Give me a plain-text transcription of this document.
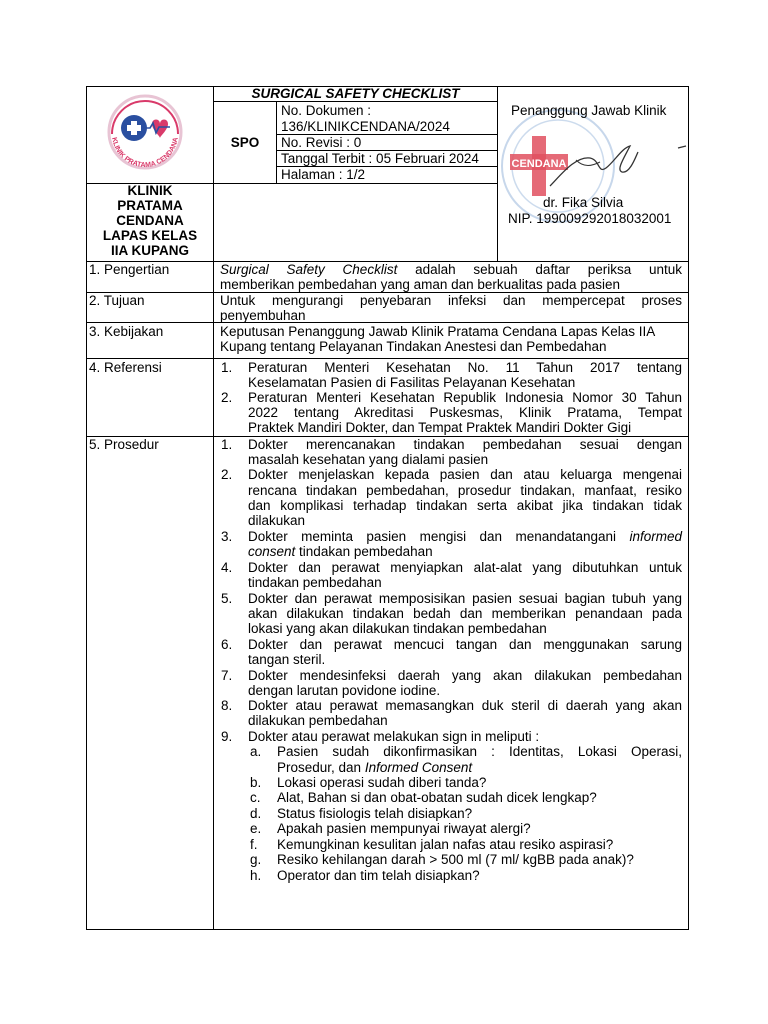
KLINIK PRATAMA CENDANA
KLINIK
PRATAMA
CENDANA
LAPAS KELAS
IIA KUPANG
SURGICAL SAFETY CHECKLIST
SPO
No. Dokumen :
136/KLINIKCENDANA/2024
No. Revisi : 0
Tanggal Terbit : 05 Februari 2024
Halaman : 1/2
CENDANA
Penanggung Jawab Klinik
dr. Fika Silvia
NIP. 199009292018032001
1. Pengertian	Surgical Safety Checklist adalah sebuah daftar periksa untuk
memberikan pembedahan yang aman dan berkualitas pada pasien
2. Tujuan	Untuk mengurangi penyebaran infeksi dan mempercepat proses
penyembuhan
3. Kebijakan	Keputusan Penanggung Jawab Klinik Pratama Cendana Lapas Kelas IIA
Kupang tentang Pelayanan Tindakan Anestesi dan Pembedahan
4. Referensi	1. Peraturan Menteri Kesehatan No. 11 Tahun 2017 tentang
Keselamatan Pasien di Fasilitas Pelayanan Kesehatan
2. Peraturan Menteri Kesehatan Republik Indonesia Nomor 30 Tahun
2022 tentang Akreditasi Puskesmas, Klinik Pratama, Tempat
Praktek Mandiri Dokter, dan Tempat Praktek Mandiri Dokter Gigi
5. Prosedur	1. Dokter merencanakan tindakan pembedahan sesuai dengan
masalah kesehatan yang dialami pasien
2. Dokter menjelaskan kepada pasien dan atau keluarga mengenai
rencana tindakan pembedahan, prosedur tindakan, manfaat, resiko
dan komplikasi terhadap tindakan serta akibat jika tindakan tidak
dilakukan
3. Dokter meminta pasien mengisi dan menandatangani informed
consent tindakan pembedahan
4. Dokter dan perawat menyiapkan alat-alat yang dibutuhkan untuk
tindakan pembedahan
5. Dokter dan perawat memposisikan pasien sesuai bagian tubuh yang
akan dilakukan tindakan bedah dan memberikan penandaan pada
lokasi yang akan dilakukan tindakan pembedahan
6. Dokter dan perawat mencuci tangan dan menggunakan sarung
tangan steril.
7. Dokter mendesinfeksi daerah yang akan dilakukan pembedahan
dengan larutan povidone iodine.
8. Dokter atau perawat memasangkan duk steril di daerah yang akan
dilakukan pembedahan
9. Dokter atau perawat melakukan sign in meliputi :
a. Pasien sudah dikonfirmasikan : Identitas, Lokasi Operasi,
Prosedur, dan Informed Consent
b. Lokasi operasi sudah diberi tanda?
c. Alat, Bahan si dan obat-obatan sudah dicek lengkap?
d. Status fisiologis telah disiapkan?
e. Apakah pasien mempunyai riwayat alergi?
f. Kemungkinan kesulitan jalan nafas atau resiko aspirasi?
g. Resiko kehilangan darah > 500 ml (7 ml/ kgBB pada anak)?
h. Operator dan tim telah disiapkan?
